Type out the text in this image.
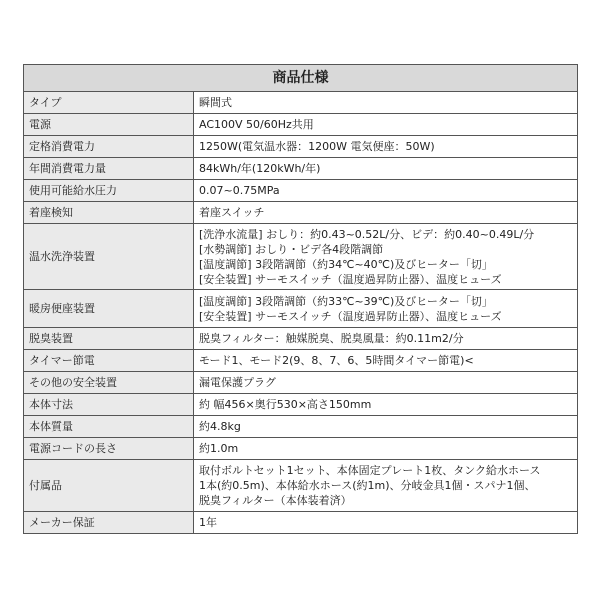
商品仕様	
タイプ	瞬間式

電源	AC100V 50/60Hz共用

定格消費電力	1250W(電気温水器：1200W 電気便座：50W)

年間消費電力量	84kWh/年(120kWh/年)

使用可能給水圧力	0.07~0.75MPa

着座検知	着座スイッチ

温水洗浄装置	[洗浄水流量] おしり：約0.43~0.52L/分、ビデ：約0.40~0.49L/分
[水勢調節] おしり・ビデ各4段階調節
[温度調節] 3段階調節（約34℃~40℃)及びヒーター「切」
[安全装置] サーモスイッチ（温度過昇防止器）、温度ヒューズ

暖房便座装置	[温度調節] 3段階調節（約33℃~39℃)及びヒーター「切」
[安全装置] サーモスイッチ（温度過昇防止器）、温度ヒューズ

脱臭装置	脱臭フィルター：触媒脱臭、脱臭風量：約0.11m2/分

タイマー節電	モード1、モード2(9、8、7、6、5時間タイマー節電)<

その他の安全装置	漏電保護プラグ

本体寸法	約 幅456×奥行530×高さ150mm

本体質量	約4.8kg

電源コードの長さ	約1.0m

付属品	取付ボルトセット1セット、本体固定プレート1枚、タンク給水ホース
1本(約0.5m)、本体給水ホース(約1m)、分岐金具1個・スパナ1個、
脱臭フィルター（本体装着済）

メーカー保証	1年
